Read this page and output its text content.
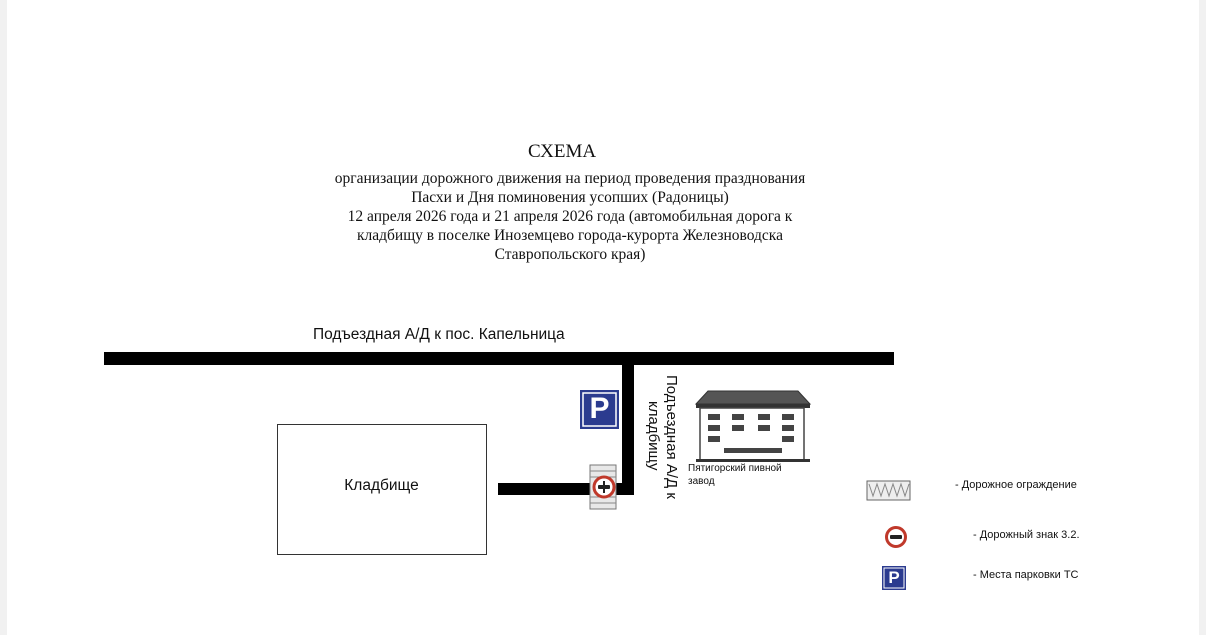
СХЕМА
организации дорожного движения на период проведения празднования
Пасхи и Дня поминовения усопших (Радоницы)
12 апреля 2026 года и 21 апреля 2026 года (автомобильная дорога к
кладбищу в поселке Иноземцево города-курорта Железноводска
Ставропольского края)
P
P
Подъездная А/Д к пос. Капельница
Кладбище
Пятигорский пивной
завод
Подъездная А/Д к
кладбищу
- Дорожное ограждение
- Дорожный знак 3.2.
- Места парковки ТС
